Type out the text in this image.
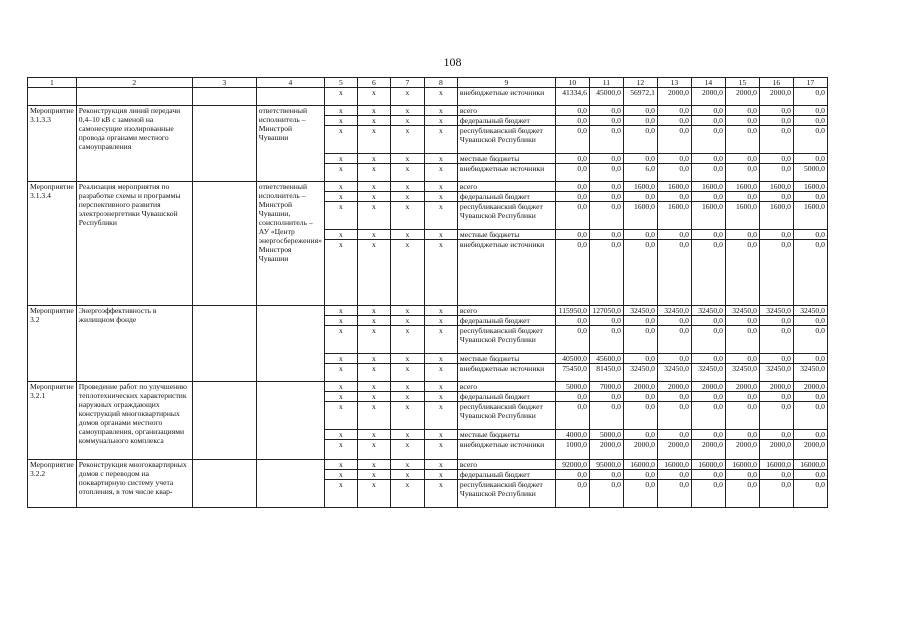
108
1	2	3	4	5	6	7	8	9	10	11	12	13	14	15	16	17
				x	x	x	x	внебюджетные источники	41334,6	45000,0	56972,1	2000,0	2000,0	2000,0	2000,0	0,0
Мероприятие 3.1.3.3	Реконструкция линий передачи 0,4–10 кВ с заменой на самонесущие изолированные провода органами местного самоуправления		ответственный исполнитель – Минстрой Чувашии	x	x	x	x	всего	0,0	0,0	0,0	0,0	0,0	0,0	0,0	0,0
				x	x	x	x	федеральный бюджет	0,0	0,0	0,0	0,0	0,0	0,0	0,0	0,0
				x	x	x	x	республиканский бюджет Чувашской Республики	0,0	0,0	0,0	0,0	0,0	0,0	0,0	0,0
				x	x	x	x	местные бюджеты	0,0	0,0	0,0	0,0	0,0	0,0	0,0	0,0
				x	x	x	x	внебюджетные источники	0,0	0,0	6,0	0,0	0,0	0,0	0,0	5000,0
Мероприятие 3.1.3.4	Реализация мероприятия по разработке схемы и программы перспективного развития электроэнергетики Чувашской Республики		ответственный исполнитель – Минстрой Чувашии, соисполнитель – АУ «Центр энергосбережения» Минстроя Чувашии	x	x	x	x	всего	0,0	0,0	1600,0	1600,0	1600,0	1600,0	1600,0	1600,0
				x	x	x	x	федеральный бюджет	0,0	0,0	0,0	0,0	0,0	0,0	0,0	0,0
				x	x	x	x	республиканский бюджет Чувашской Республики	0,0	0,0	1600,0	1600,0	1600,0	1600,0	1600,0	1600,0
				x	x	x	x	местные бюджеты	0,0	0,0	0,0	0,0	0,0	0,0	0,0	0,0
				x	x	x	x	внебюджетные источники	0,0	0,0	0,0	0,0	0,0	0,0	0,0	0,0
Мероприятие 3.2	Энергоэффективность в жилищном фонде			x	x	x	x	всего	115950,0	127050,0	32450,0	32450,0	32450,0	32450,0	32450,0	32450,0
				x	x	x	x	федеральный бюджет	0,0	0,0	0,0	0,0	0,0	0,0	0,0	0,0
				x	x	x	x	республиканский бюджет Чувашской Республики	0,0	0,0	0,0	0,0	0,0	0,0	0,0	0,0
				x	x	x	x	местные бюджеты	40500,0	45600,0	0,0	0,0	0,0	0,0	0,0	0,0
				x	x	x	x	внебюджетные источники	75450,0	81450,0	32450,0	32450,0	32450,0	32450,0	32450,0	32450,0
Мероприятие 3.2.1	Проведение работ по улучшению теплотехнических характеристик наружных ограждающих конструкций многоквартирных домов органами местного самоуправления, организациями коммунального комплекса			x	x	x	x	всего	5000,0	7000,0	2000,0	2000,0	2000,0	2000,0	2000,0	2000,0
				x	x	x	x	федеральный бюджет	0,0	0,0	0,0	0,0	0,0	0,0	0,0	0,0
				x	x	x	x	республиканский бюджет Чувашской Республики	0,0	0,0	0,0	0,0	0,0	0,0	0,0	0,0
				x	x	x	x	местные бюджеты	4000,0	5000,0	0,0	0,0	0,0	0,0	0,0	0,0
				x	x	x	x	внебюджетные источники	1000,0	2000,0	2000,0	2000,0	2000,0	2000,0	2000,0	2000,0
Мероприятие 3.2.2	Реконструкция многоквартирных домов с переводом на поквартирную систему учета отопления, в том числе квар-			x	x	x	x	всего	92000,0	95000,0	16000,0	16000,0	16000,0	16000,0	16000,0	16000,0
				x	x	x	x	федеральный бюджет	0,0	0,0	0,0	0,0	0,0	0,0	0,0	0,0
				x	x	x	x	республиканский бюджет Чувашской Республики	0,0	0,0	0,0	0,0	0,0	0,0	0,0	0,0
